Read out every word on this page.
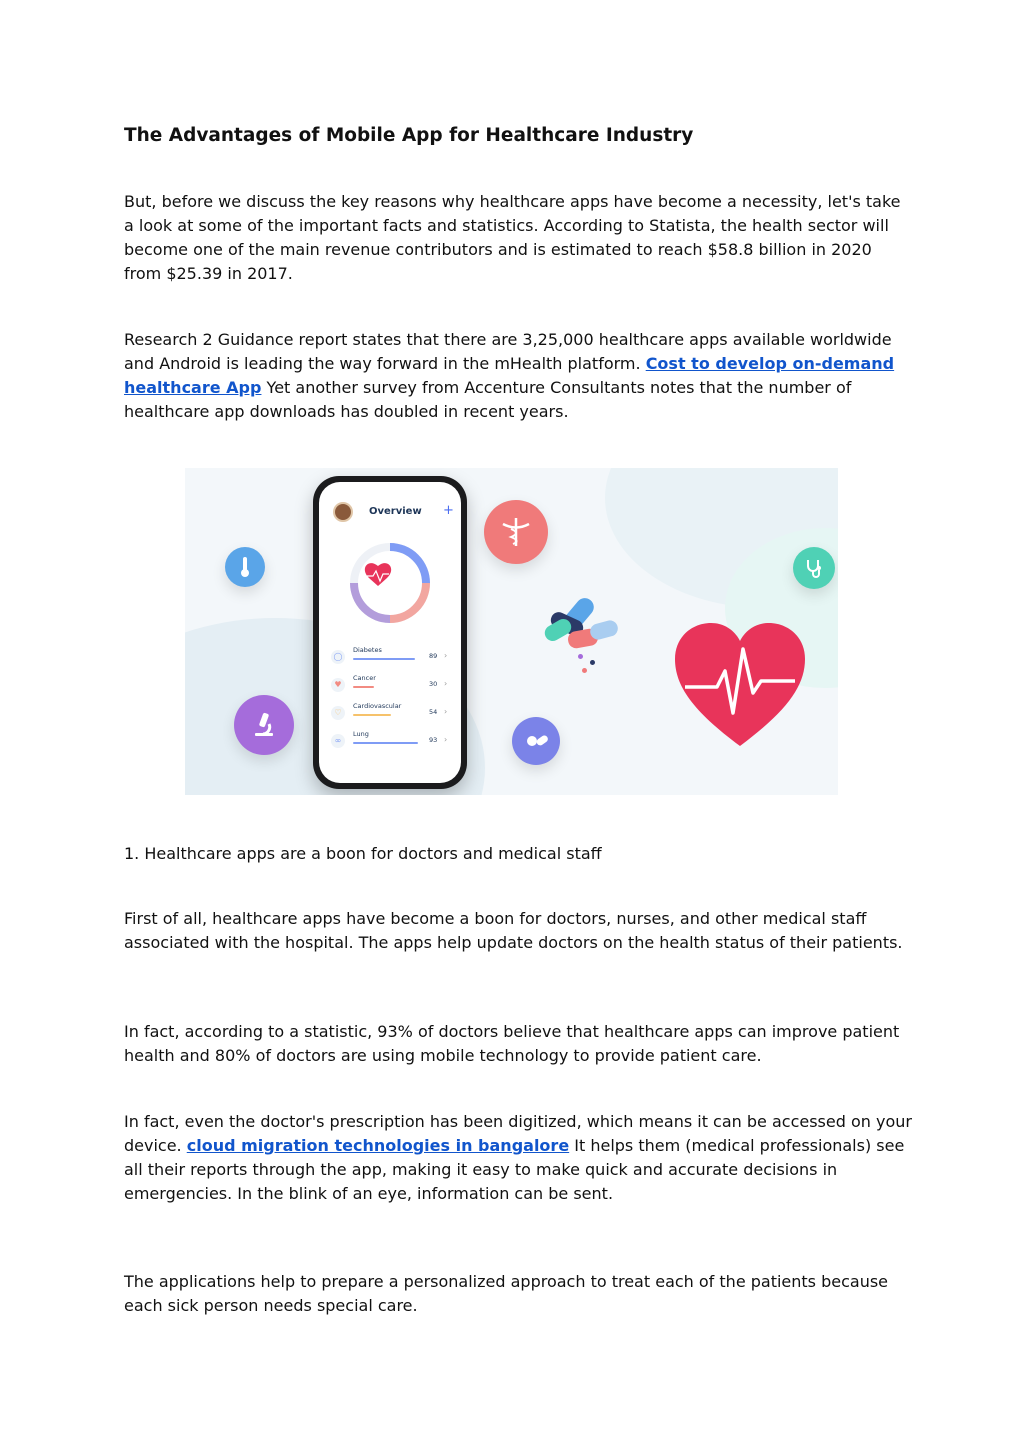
The Advantages of Mobile App for Healthcare Industry

But, before we discuss the key reasons why healthcare apps have become a necessity, let's take a look at some of the important facts and statistics. According to Statista, the health sector will become one of the main revenue contributors and is estimated to reach $58.8 billion in 2020 from $25.39 in 2017.

Research 2 Guidance report states that there are 3,25,000 healthcare apps available worldwide and Android is leading the way forward in the mHealth platform. Cost to develop on-demand healthcare App Yet another survey from Accenture Consultants notes that the number of healthcare app downloads has doubled in recent years.

1. Healthcare apps are a boon for doctors and medical staff

First of all, healthcare apps have become a boon for doctors, nurses, and other medical staff associated with the hospital. The apps help update doctors on the health status of their patients.

In fact, according to a statistic, 93% of doctors believe that healthcare apps can improve patient health and 80% of doctors are using mobile technology to provide patient care.

In fact, even the doctor's prescription has been digitized, which means it can be accessed on your device. cloud migration technologies in bangalore It helps them (medical professionals) see all their reports through the app, making it easy to make quick and accurate decisions in emergencies. In the blink of an eye, information can be sent.

The applications help to prepare a personalized approach to treat each of the patients because each sick person needs special care.

Overview +
◯
Diabetes
89 ›
♥
Cancer
30 ›
♡
Cardiovascular
54 ›
∞
Lung
93 ›
